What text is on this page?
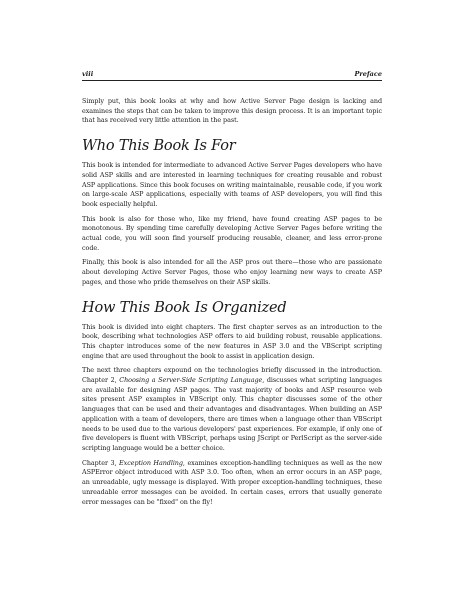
viii	Preface

Simply put, this book looks at why and how Active Server Page design is lacking and examines the steps that can be taken to improve this design process. It is an important topic that has received very little attention in the past.

Who This Book Is For

This book is intended for intermediate to advanced Active Server Pages developers who have solid ASP skills and are interested in learning techniques for creating reusable and robust ASP applications. Since this book focuses on writing maintainable, reusable code, if you work on large-scale ASP applications, especially with teams of ASP developers, you will find this book especially helpful.

This book is also for those who, like my friend, have found creating ASP pages to be monotonous. By spending time carefully developing Active Server Pages before writing the actual code, you will soon find yourself producing reusable, cleaner, and less error-prone code.

Finally, this book is also intended for all the ASP pros out there—those who are passionate about developing Active Server Pages, those who enjoy learning new ways to create ASP pages, and those who pride themselves on their ASP skills.

How This Book Is Organized

This book is divided into eight chapters. The first chapter serves as an introduction to the book, describing what technologies ASP offers to aid building robust, reusable applications. This chapter introduces some of the new features in ASP 3.0 and the VBScript scripting engine that are used throughout the book to assist in application design.

The next three chapters expound on the technologies briefly discussed in the introduction. Chapter 2, Choosing a Server-Side Scripting Language, discusses what scripting languages are available for designing ASP pages. The vast majority of books and ASP resource web sites present ASP examples in VBScript only. This chapter discusses some of the other languages that can be used and their advantages and disadvantages. When building an ASP application with a team of developers, there are times when a language other than VBScript needs to be used due to the various developers' past experiences. For example, if only one of five developers is fluent with VBScript, perhaps using JScript or PerlScript as the server-side scripting language would be a better choice.

Chapter 3, Exception Handling, examines exception-handling techniques as well as the new ASPError object introduced with ASP 3.0. Too often, when an error occurs in an ASP page, an unreadable, ugly message is displayed. With proper exception-handling techniques, these unreadable error messages can be avoided. In certain cases, errors that usually generate error messages can be "fixed" on the fly!
